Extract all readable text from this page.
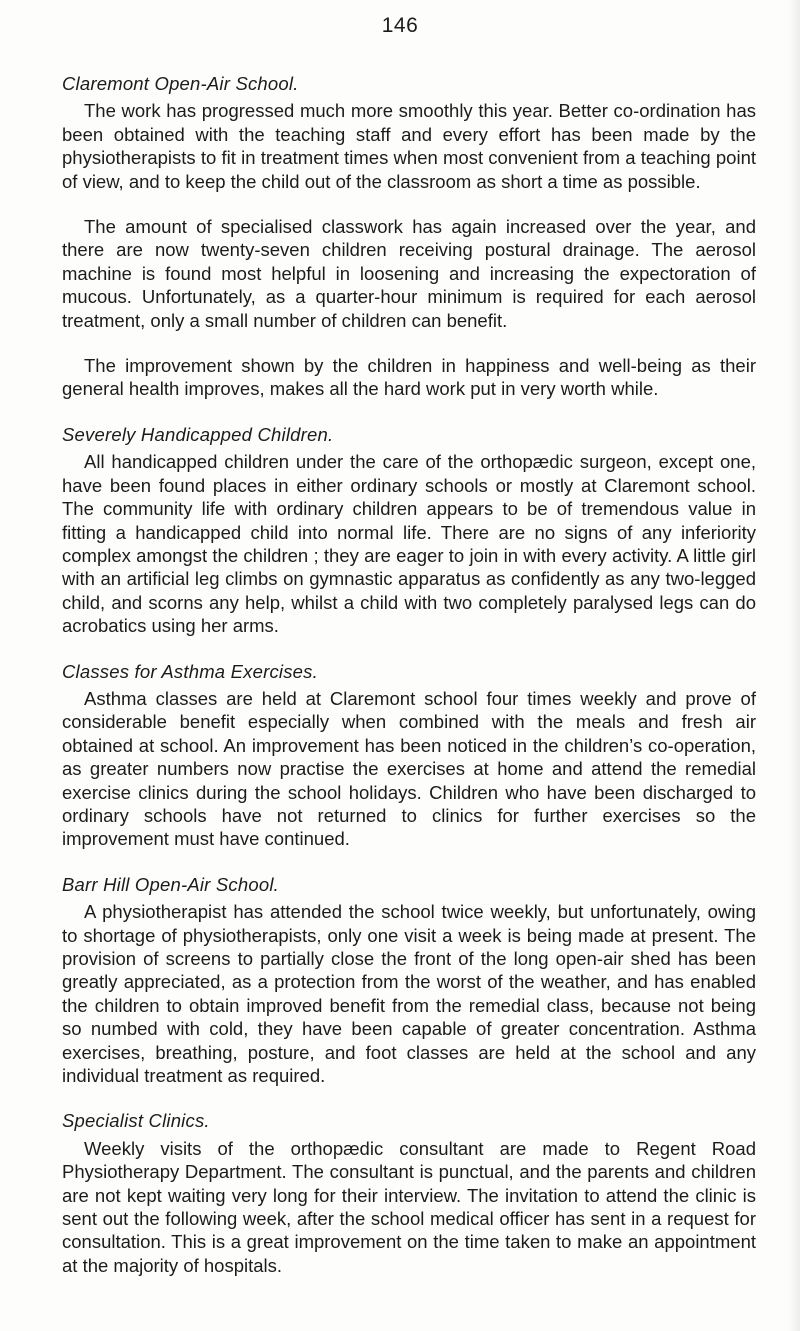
146
Claremont Open-Air School.

The work has progressed much more smoothly this year. Better co-ordination has been obtained with the teaching staff and every effort has been made by the physiotherapists to fit in treatment times when most convenient from a teaching point of view, and to keep the child out of the classroom as short a time as possible.

The amount of specialised classwork has again increased over the year, and there are now twenty-seven children receiving postural drainage. The aerosol machine is found most helpful in loosening and increasing the expectoration of mucous. Unfortunately, as a quarter-hour minimum is required for each aerosol treatment, only a small number of children can benefit.

The improvement shown by the children in happiness and well-being as their general health improves, makes all the hard work put in very worth while.

Severely Handicapped Children.

All handicapped children under the care of the orthopædic surgeon, except one, have been found places in either ordinary schools or mostly at Claremont school. The community life with ordinary children appears to be of tremendous value in fitting a handicapped child into normal life. There are no signs of any inferiority complex amongst the children ; they are eager to join in with every activity. A little girl with an artificial leg climbs on gymnastic apparatus as confidently as any two-legged child, and scorns any help, whilst a child with two completely paralysed legs can do acrobatics using her arms.

Classes for Asthma Exercises.

Asthma classes are held at Claremont school four times weekly and prove of considerable benefit especially when combined with the meals and fresh air obtained at school. An improvement has been noticed in the children’s co-operation, as greater numbers now practise the exercises at home and attend the remedial exercise clinics during the school holidays. Children who have been discharged to ordinary schools have not returned to clinics for further exercises so the improvement must have continued.

Barr Hill Open-Air School.

A physiotherapist has attended the school twice weekly, but unfortunately, owing to shortage of physiotherapists, only one visit a week is being made at present. The provision of screens to partially close the front of the long open-air shed has been greatly appreciated, as a protection from the worst of the weather, and has enabled the children to obtain improved benefit from the remedial class, because not being so numbed with cold, they have been capable of greater concentration. Asthma exercises, breathing, posture, and foot classes are held at the school and any individual treatment as required.

Specialist Clinics.

Weekly visits of the orthopædic consultant are made to Regent Road Physiotherapy Department. The consultant is punctual, and the parents and children are not kept waiting very long for their interview. The invitation to attend the clinic is sent out the following week, after the school medical officer has sent in a request for consultation. This is a great improvement on the time taken to make an appointment at the majority of hospitals.
